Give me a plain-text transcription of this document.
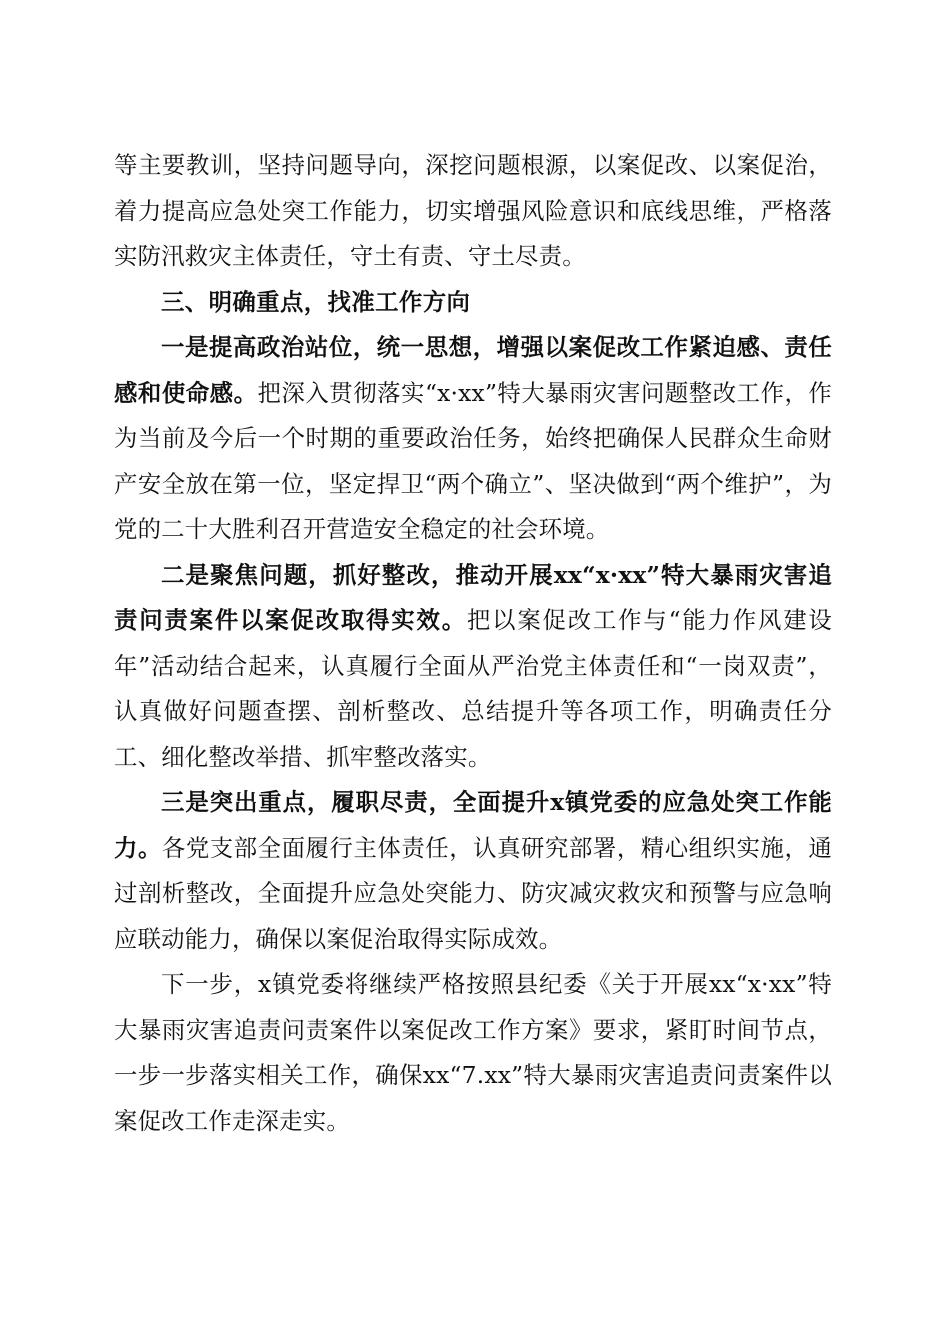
等主要教训，坚持问题导向，深挖问题根源，以案促改、以案促治，着力提高应急处突工作能力，切实增强风险意识和底线思维，严格落实防汛救灾主体责任，守土有责、守土尽责。

三、明确重点，找准工作方向

一是提高政治站位，统一思想，增强以案促改工作紧迫感、责任感和使命感。把深入贯彻落实“x·xx”特大暴雨灾害问题整改工作，作为当前及今后一个时期的重要政治任务，始终把确保人民群众生命财产安全放在第一位，坚定捍卫“两个确立”、坚决做到“两个维护”，为党的二十大胜利召开营造安全稳定的社会环境。

二是聚焦问题，抓好整改，推动开展xx“x·xx”特大暴雨灾害追责问责案件以案促改取得实效。把以案促改工作与“能力作风建设年”活动结合起来，认真履行全面从严治党主体责任和“一岗双责”，认真做好问题查摆、剖析整改、总结提升等各项工作，明确责任分工、细化整改举措、抓牢整改落实。

三是突出重点，履职尽责，全面提升x镇党委的应急处突工作能力。各党支部全面履行主体责任，认真研究部署，精心组织实施，通过剖析整改，全面提升应急处突能力、防灾减灾救灾和预警与应急响应联动能力，确保以案促治取得实际成效。

下一步，x镇党委将继续严格按照县纪委《关于开展xx“x·xx”特大暴雨灾害追责问责案件以案促改工作方案》要求，紧盯时间节点，一步一步落实相关工作，确保xx“7.xx”特大暴雨灾害追责问责案件以案促改工作走深走实。
